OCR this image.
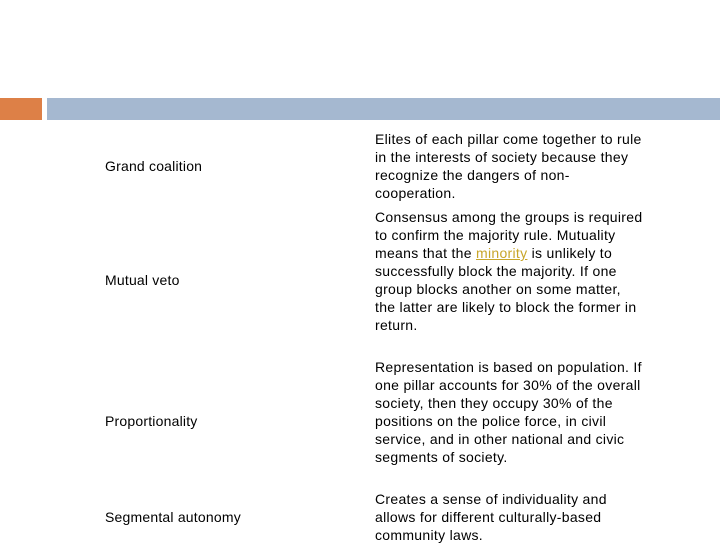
Grand coalition
Elites of each pillar come together to rule in the interests of society because they recognize the dangers of non-cooperation.
Mutual veto
Consensus among the groups is required to confirm the majority rule. Mutuality means that the minority is unlikely to successfully block the majority. If one group blocks another on some matter, the latter are likely to block the former in return.
Proportionality
Representation is based on population. If one pillar accounts for 30% of the overall society, then they occupy 30% of the positions on the police force, in civil service, and in other national and civic segments of society.
Segmental autonomy
Creates a sense of individuality and allows for different culturally-based community laws.
